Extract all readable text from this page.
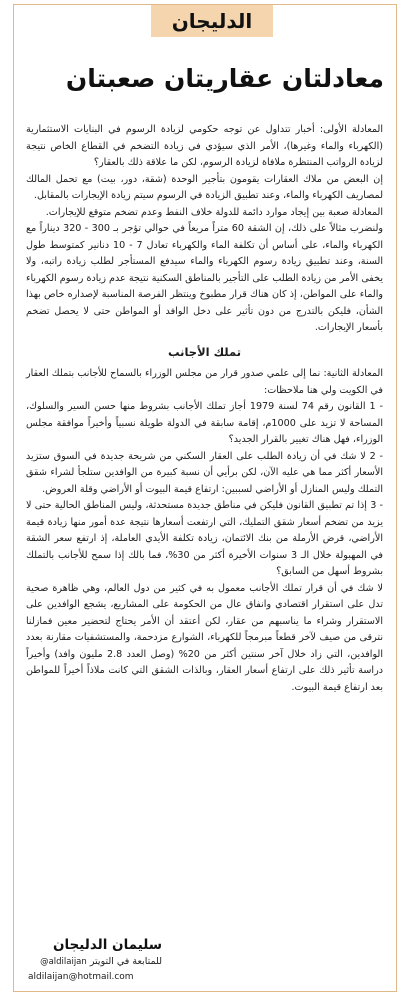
الدليجان
معادلتان عقاريتان صعبتان

المعادلة الأولى: أخبار تتداول عن توجه حكومي لزيادة الرسوم في البنايات الاستثمارية (الكهرباء والماء وغيرها)، الأمر الذي سيؤدي في زيادة التضخم في القطاع الخاص نتيجة لزيادة الرواتب المنتظرة ملافاة لزيادة الرسوم، لكن ما علاقة ذلك بالعقار؟

إن البعض من ملاك العقارات يقومون بتأجير الوحدة (شقة، دور، بيت) مع تحمل المالك لمصاريف الكهرباء والماء، وعند تطبيق الزيادة في الرسوم سيتم زيادة الإيجارات بالمقابل.

المعادلة صعبة بين إيجاد موارد دائمة للدولة خلاف النفط وعدم تضخم متوقع للإيجارات.

ولنضرب مثالاً على ذلك، إن الشقة 60 متراً مربعاً في حوالي تؤجر بـ 300 - 320 ديناراً مع الكهرباء والماء، على أساس أن تكلفة الماء والكهرباء تعادل 7 - 10 دنانير كمتوسط طول السنة، وعند تطبيق زيادة رسوم الكهرباء والماء سيدفع المستأجر لطلب زيادة راتبه، ولا يخفى الأمر من زيادة الطلب على التأجير بالمناطق السكنية نتيجة عدم زيادة رسوم الكهرباء والماء على المواطن، إذ كان هناك قرار مطبوخ وينتظر الفرصة المناسبة لإصداره خاص بهذا الشأن، فليكن بالتدرج من دون تأثير على دخل الوافد أو المواطن حتى لا يحصل تضخم بأسعار الإيجارات.

تملك الأجانب

المعادلة الثانية: نما إلى علمي صدور قرار من مجلس الوزراء بالسماح للأجانب بتملك العقار في الكويت ولي هنا ملاحظات:

- 1 القانون رقم 74 لسنة 1979 أجاز تملك الأجانب بشروط منها حسن السير والسلوك، المساحة لا تزيد على 1000م، إقامة سابقة في الدولة طويلة نسبياً وأخيراً موافقة مجلس الوزراء، فهل هناك تغيير بالقرار الجديد؟

- 2 لا شك في أن زيادة الطلب على العقار السكني من شريحة جديدة في السوق ستزيد الأسعار أكثر مما هي عليه الآن، لكن برأيي أن نسبة كبيرة من الوافدين ستلجأ لشراء شقق التملك وليس المنازل أو الأراضي لسببين: ارتفاع قيمة البيوت أو الأراضي وقلة العروض.

- 3 إذا تم تطبيق القانون فليكن في مناطق جديدة مستحدثة، وليس المناطق الحالية حتى لا يزيد من تضخم أسعار شقق التمليك، التي ارتفعت أسعارها نتيجة عدة أمور منها زيادة قيمة الأراضي، قرض الأرملة من بنك الائتمان، زيادة تكلفة الأيدي العاملة، إذ ارتفع سعر الشقة في المهبولة خلال الـ 3 سنوات الأخيرة أكثر من 30%، فما بالك إذا سمح للأجانب بالتملك بشروط أسهل من السابق؟

لا شك في أن قرار تملك الأجانب معمول به في كثير من دول العالم، وهي ظاهرة صحية تدل على استقرار اقتصادي وانفاق عال من الحكومة على المشاريع، يشجع الوافدين على الاستقرار وشراء ما يناسبهم من عقار، لكن أعتقد أن الأمر يحتاج لتحضير معين فمازلنا نترقى من صيف لآخر قطعاً مبرمجاً للكهرباء، الشوارع مزدحمة، والمستشفيات مقارنة بعدد الوافدين، التي زاد خلال آخر سنتين أكثر من 20% (وصل العدد 2.8 مليون وافد) وأخيراً دراسة تأثير ذلك على ارتفاع أسعار العقار، وبالذات الشقق التي كانت ملاذاً أخيراً للمواطن بعد ارتفاع قيمة البيوت.

سليمان الدليجان
للمتابعة في التويتر @aldilaijan
aldilaijan@hotmail.com
